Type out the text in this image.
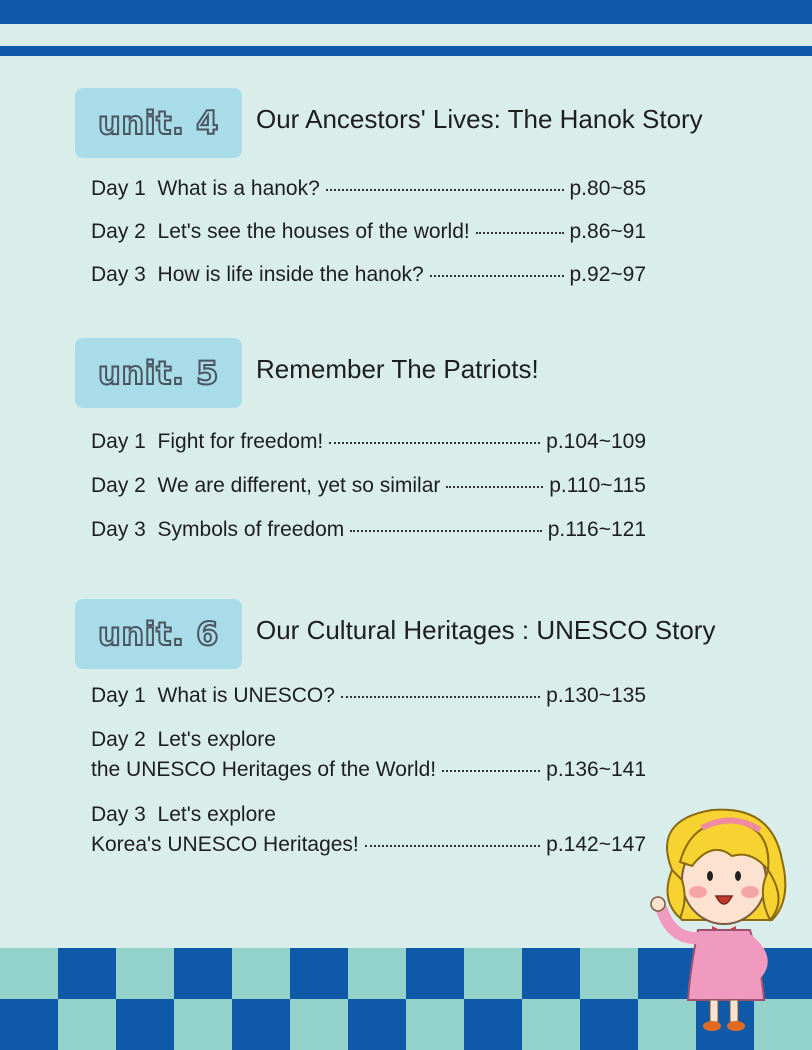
unit. 4 Our Ancestors' Lives: The Hanok Story
Day 1 What is a hanok?	p.80~85
Day 2 Let's see the houses of the world!	p.86~91
Day 3 How is life inside the hanok?	p.92~97
unit. 5 Remember The Patriots!
Day 1 Fight for freedom!	p.104~109
Day 2 We are different, yet so similar	p.110~115
Day 3 Symbols of freedom	p.116~121
unit. 6 Our Cultural Heritages : UNESCO Story
Day 1 What is UNESCO?	p.130~135
Day 2 Let's explore
the UNESCO Heritages of the World!	p.136~141
Day 3 Let's explore
Korea's UNESCO Heritages!	p.142~147
